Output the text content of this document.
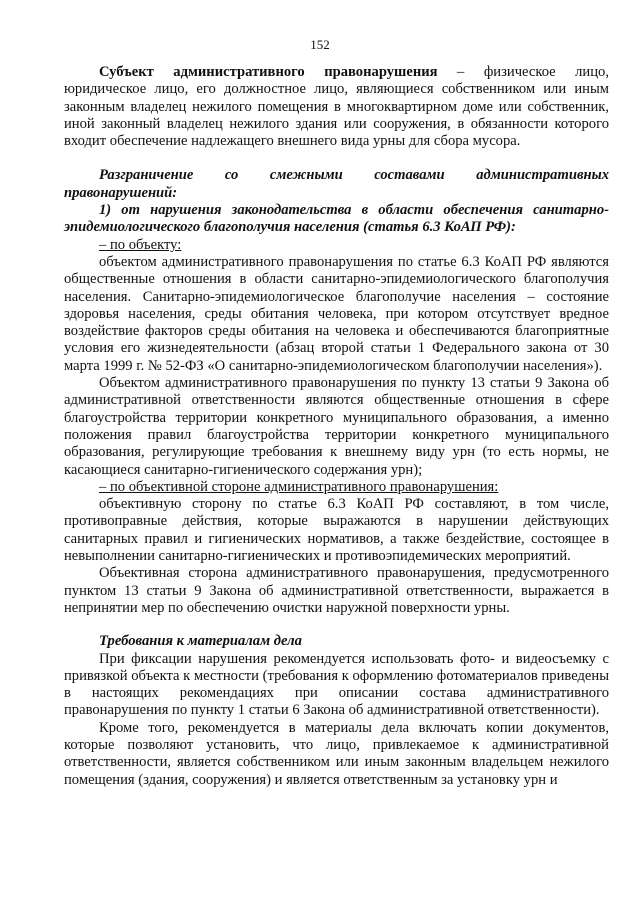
152

Субъект административного правонарушения – физическое лицо, юридическое лицо, его должностное лицо, являющиеся собственником или иным законным владелец нежилого помещения в многоквартирном доме или собственник, иной законный владелец нежилого здания или сооружения, в обязанности которого входит обеспечение надлежащего внешнего вида урны для сбора мусора.

Разграничение со смежными составами административных правонарушений:

1) от нарушения законодательства в области обеспечения санитарно-эпидемиологического благополучия населения (статья 6.3 КоАП РФ):

– по объекту:

объектом административного правонарушения по статье 6.3 КоАП РФ являются общественные отношения в области санитарно-эпидемиологического благополучия населения. Санитарно-эпидемиологическое благополучие населения – состояние здоровья населения, среды обитания человека, при котором отсутствует вредное воздействие факторов среды обитания на человека и обеспечиваются благоприятные условия его жизнедеятельности (абзац второй статьи 1 Федерального закона от 30 марта 1999 г. № 52-ФЗ «О санитарно-эпидемиологическом благополучии населения»).

Объектом административного правонарушения по пункту 13 статьи 9 Закона об административной ответственности являются общественные отношения в сфере благоустройства территории конкретного муниципального образования, а именно положения правил благоустройства территории конкретного муниципального образования, регулирующие требования к внешнему виду урн (то есть нормы, не касающиеся санитарно-гигиенического содержания урн);

– по объективной стороне административного правонарушения:

объективную сторону по статье 6.3 КоАП РФ составляют, в том числе, противоправные действия, которые выражаются в нарушении действующих санитарных правил и гигиенических нормативов, а также бездействие, состоящее в невыполнении санитарно-гигиенических и противоэпидемических мероприятий.

Объективная сторона административного правонарушения, предусмотренного пунктом 13 статьи 9 Закона об административной ответственности, выражается в непринятии мер по обеспечению очистки наружной поверхности урны.

Требования к материалам дела

При фиксации нарушения рекомендуется использовать фото- и видеосъемку с привязкой объекта к местности (требования к оформлению фотоматериалов приведены в настоящих рекомендациях при описании состава административного правонарушения по пункту 1 статьи 6 Закона об административной ответственности).

Кроме того, рекомендуется в материалы дела включать копии документов, которые позволяют установить, что лицо, привлекаемое к административной ответственности, является собственником или иным законным владельцем нежилого помещения (здания, сооружения) и является ответственным за установку урн и
